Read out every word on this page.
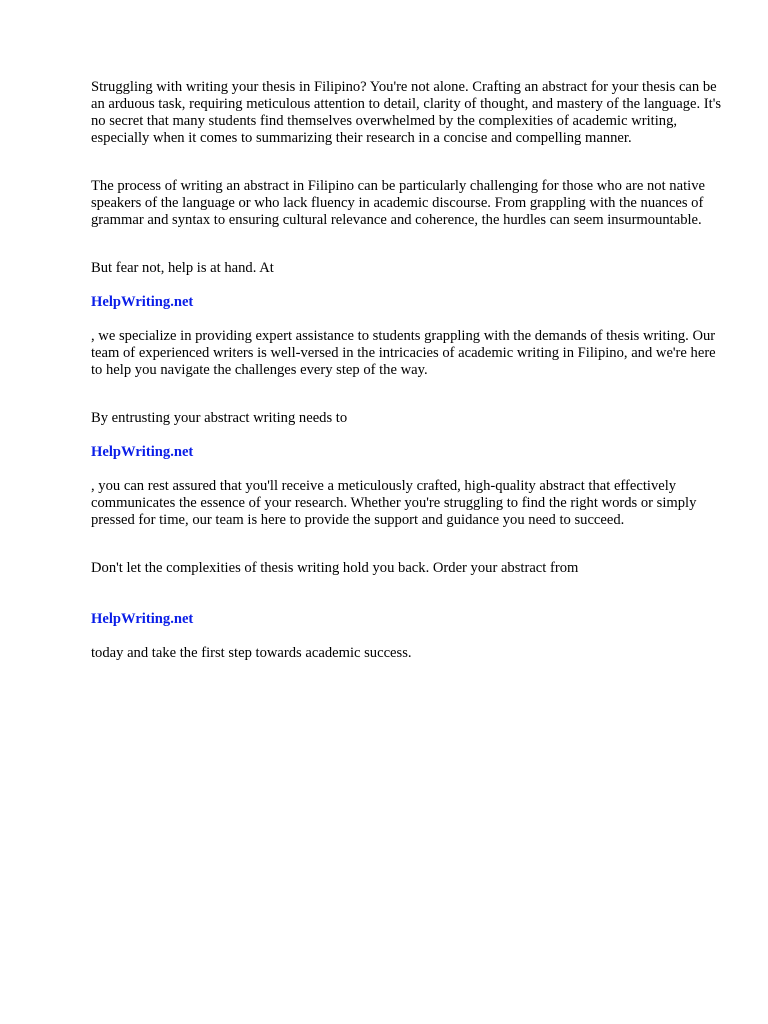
Struggling with writing your thesis in Filipino? You're not alone. Crafting an abstract for your thesis can be an arduous task, requiring meticulous attention to detail, clarity of thought, and mastery of the language. It's no secret that many students find themselves overwhelmed by the complexities of academic writing, especially when it comes to summarizing their research in a concise and compelling manner.

The process of writing an abstract in Filipino can be particularly challenging for those who are not native speakers of the language or who lack fluency in academic discourse. From grappling with the nuances of grammar and syntax to ensuring cultural relevance and coherence, the hurdles can seem insurmountable.

But fear not, help is at hand. At

HelpWriting.net

, we specialize in providing expert assistance to students grappling with the demands of thesis writing. Our team of experienced writers is well-versed in the intricacies of academic writing in Filipino, and we're here to help you navigate the challenges every step of the way.

By entrusting your abstract writing needs to

HelpWriting.net

, you can rest assured that you'll receive a meticulously crafted, high-quality abstract that effectively communicates the essence of your research. Whether you're struggling to find the right words or simply pressed for time, our team is here to provide the support and guidance you need to succeed.

Don't let the complexities of thesis writing hold you back. Order your abstract from

HelpWriting.net

today and take the first step towards academic success.
